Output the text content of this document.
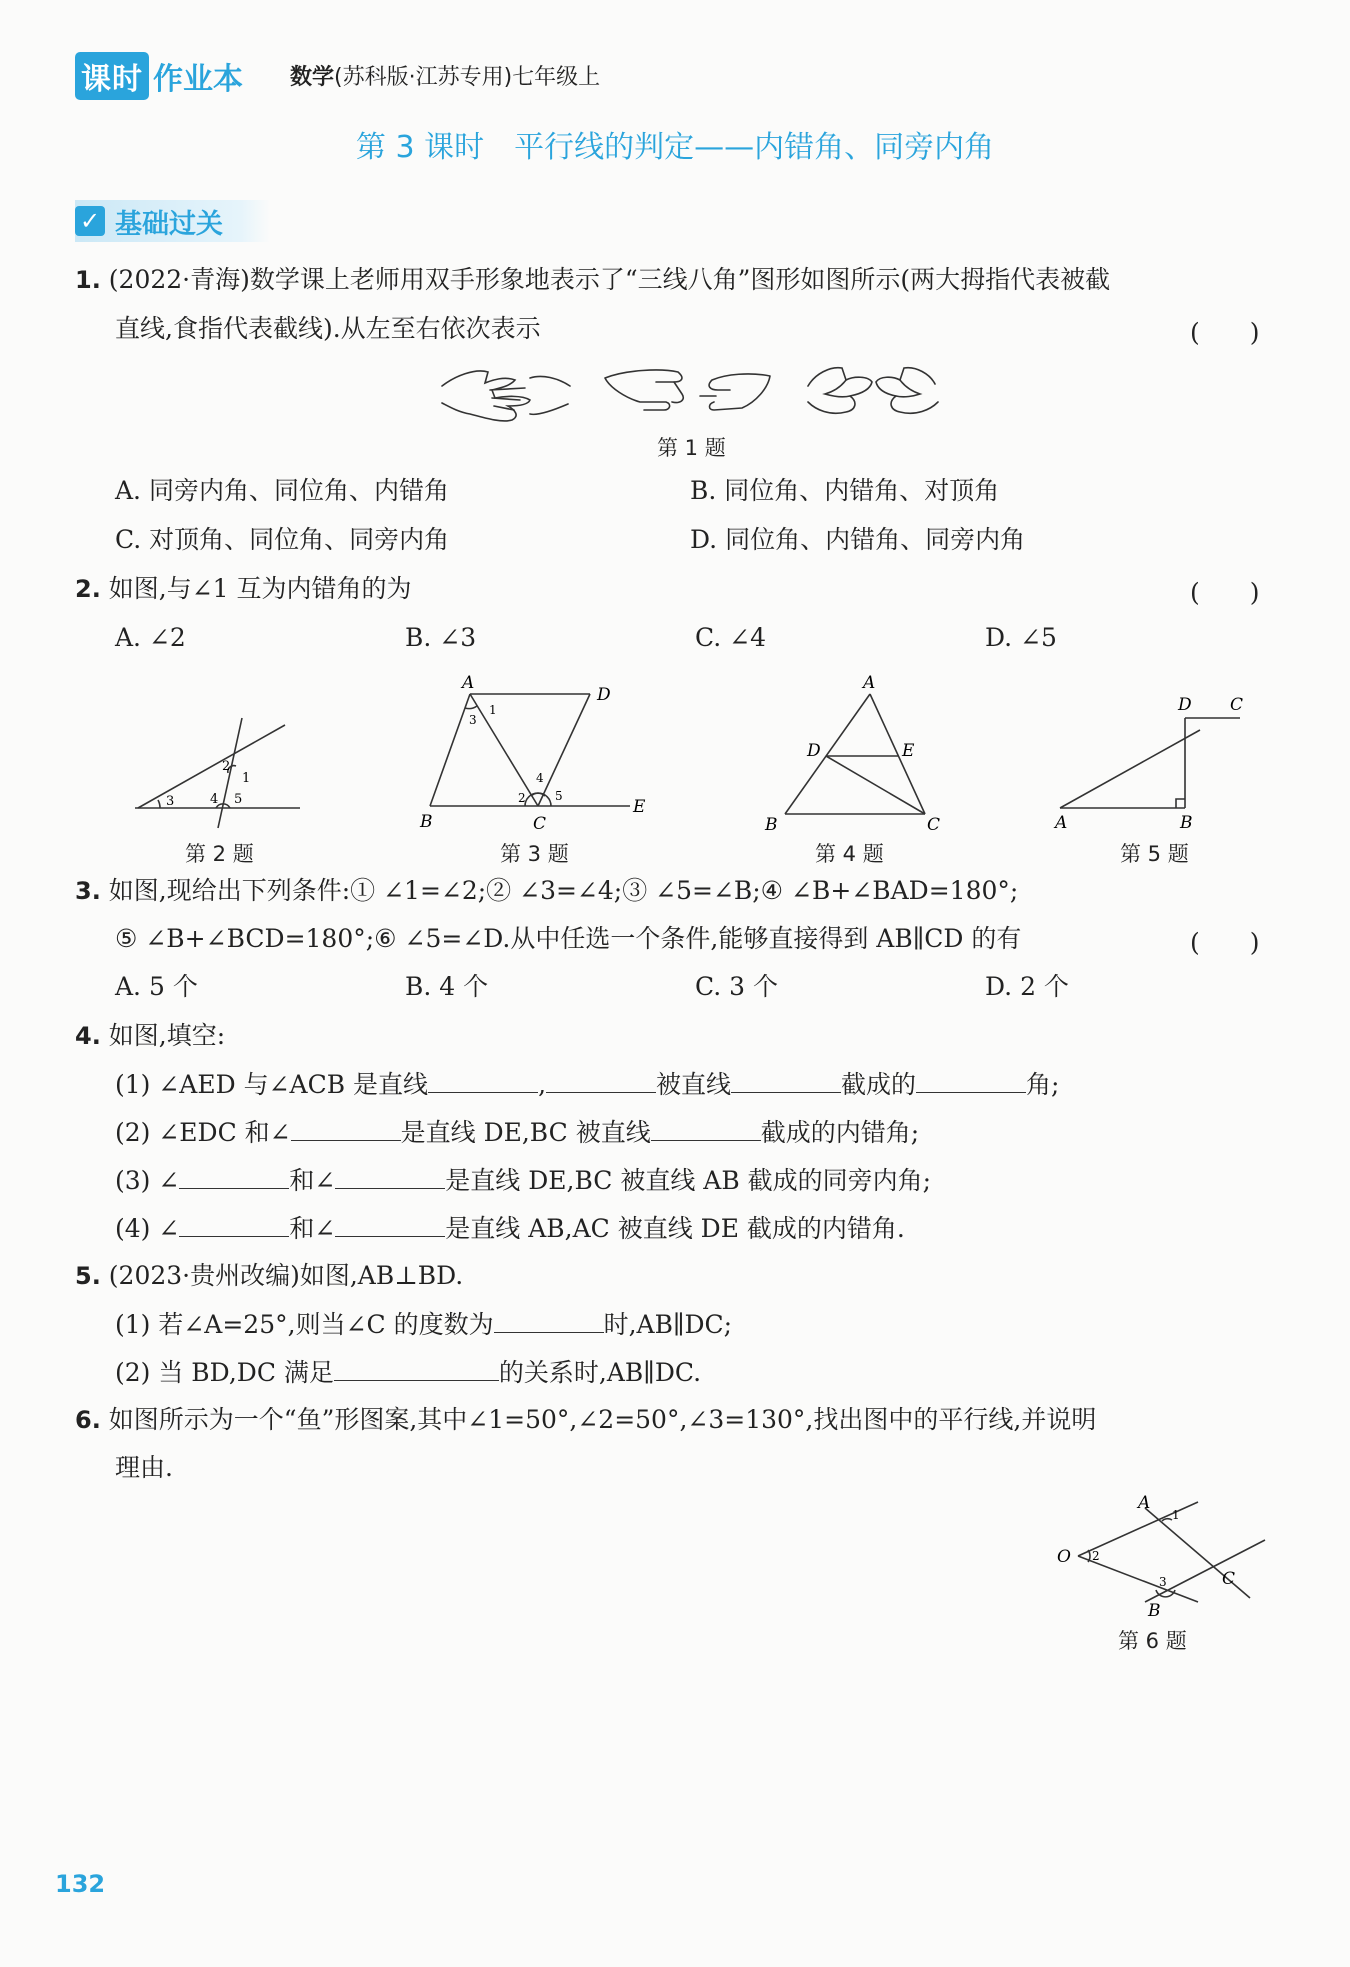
课时 作业本 数学(苏科版·江苏专用)七年级上
第 3 课时　平行线的判定——内错角、同旁内角
✓ 基础过关
1. (2022·青海)数学课上老师用双手形象地表示了“三线八角”图形如图所示(两大拇指代表被截
直线,食指代表截线).从左至右依次表示	(　　)
第 1 题
A. 同旁内角、同位角、内错角	B. 同位角、内错角、对顶角
C. 对顶角、同位角、同旁内角	D. 同位角、内错角、同旁内角
2. 如图,与∠1 互为内错角的为	(　　)
A. ∠2	B. ∠3	C. ∠4	D. ∠5
2
1
3	4 5
第 2 题
A
D
1
3
B	C
E
2
4
5
第 3 题
A
D	E
B	C
第 4 题
D C
A	B
第 5 题
3. 如图,现给出下列条件:① ∠1=∠2;② ∠3=∠4;③ ∠5=∠B;④ ∠B+∠BAD=180°;
⑤ ∠B+∠BCD=180°;⑥ ∠5=∠D.从中任选一个条件,能够直接得到 AB∥CD 的有	(　　)
A. 5 个	B. 4 个	C. 3 个	D. 2 个
4. 如图,填空:
(1) ∠AED 与∠ACB 是直线	,	被直线	截成的	角;
(2) ∠EDC 和∠	是直线 DE,BC 被直线	截成的内错角;
(3) ∠	和∠	是直线 DE,BC 被直线 AB 截成的同旁内角;
(4) ∠	和∠	是直线 AB,AC 被直线 DE 截成的内错角.
5. (2023·贵州改编)如图,AB⊥BD.
(1) 若∠A=25°,则当∠C 的度数为	时,AB∥DC;
(2) 当 BD,DC 满足	的关系时,AB∥DC.
6. 如图所示为一个“鱼”形图案,其中∠1=50°,∠2=50°,∠3=130°,找出图中的平行线,并说明
理由.
A
1
O 2
3	C
B
第 6 题
132
